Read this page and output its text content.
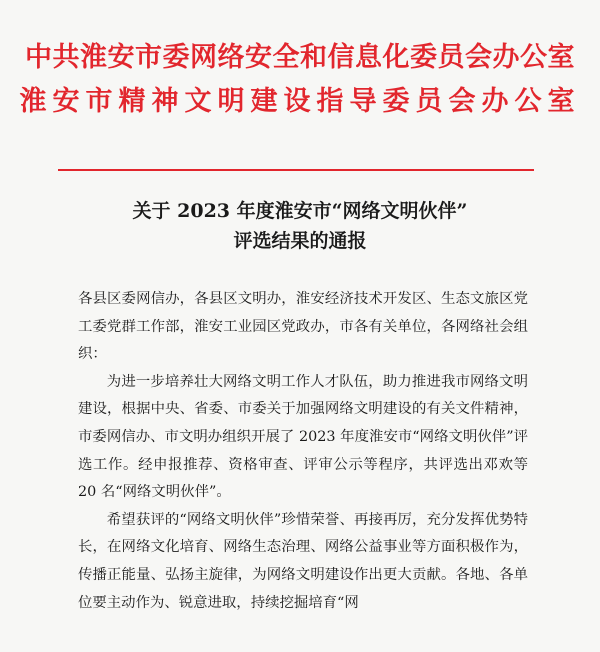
中共淮安市委网络安全和信息化委员会办公室
淮安市精神文明建设指导委员会办公室
关于 2023 年度淮安市“网络文明伙伴”
评选结果的通报

各县区委网信办，各县区文明办，淮安经济技术开发区、生态文旅区党工委党群工作部，淮安工业园区党政办，市各有关单位，各网络社会组织：

为进一步培养壮大网络文明工作人才队伍，助力推进我市网络文明建设，根据中央、省委、市委关于加强网络文明建设的有关文件精神，市委网信办、市文明办组织开展了 2023 年度淮安市“网络文明伙伴”评选工作。经申报推荐、资格审查、评审公示等程序，共评选出邓欢等 20 名“网络文明伙伴”。

希望获评的“网络文明伙伴”珍惜荣誉、再接再厉，充分发挥优势特长，在网络文化培育、网络生态治理、网络公益事业等方面积极作为，传播正能量、弘扬主旋律，为网络文明建设作出更大贡献。各地、各单位要主动作为、锐意进取，持续挖掘培育“网
